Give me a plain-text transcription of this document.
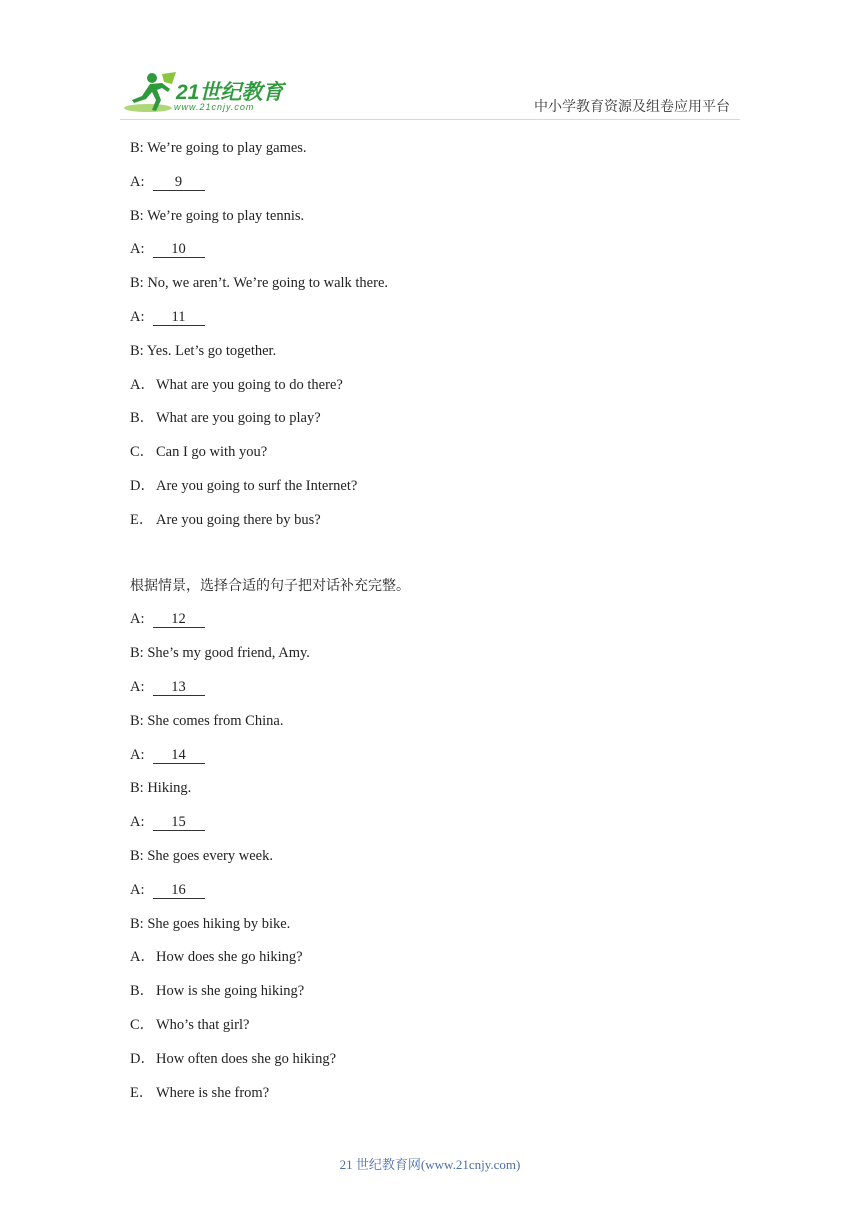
21世纪教育
www.21cnjy.com	中小学教育资源及组卷应用平台
B: We’re going to play games.
A: 9
B: We’re going to play tennis.
A: 10
B: No, we aren’t. We’re going to walk there.
A: 11
B: Yes. Let’s go together.
A．What are you going to do there?
B． What are you going to play?
C． Can I go with you?
D．Are you going to surf the Internet?
E． Are you going there by bus?
根据情景，选择合适的句子把对话补充完整。
A: 12
B: She’s my good friend, Amy.
A: 13
B: She comes from China.
A: 14
B: Hiking.
A: 15
B: She goes every week.
A: 16
B: She goes hiking by bike.
A．How does she go hiking?
B． How is she going hiking?
C． Who’s that girl?
D．How often does she go hiking?
E． Where is she from?
21 世纪教育网(www.21cnjy.com)
